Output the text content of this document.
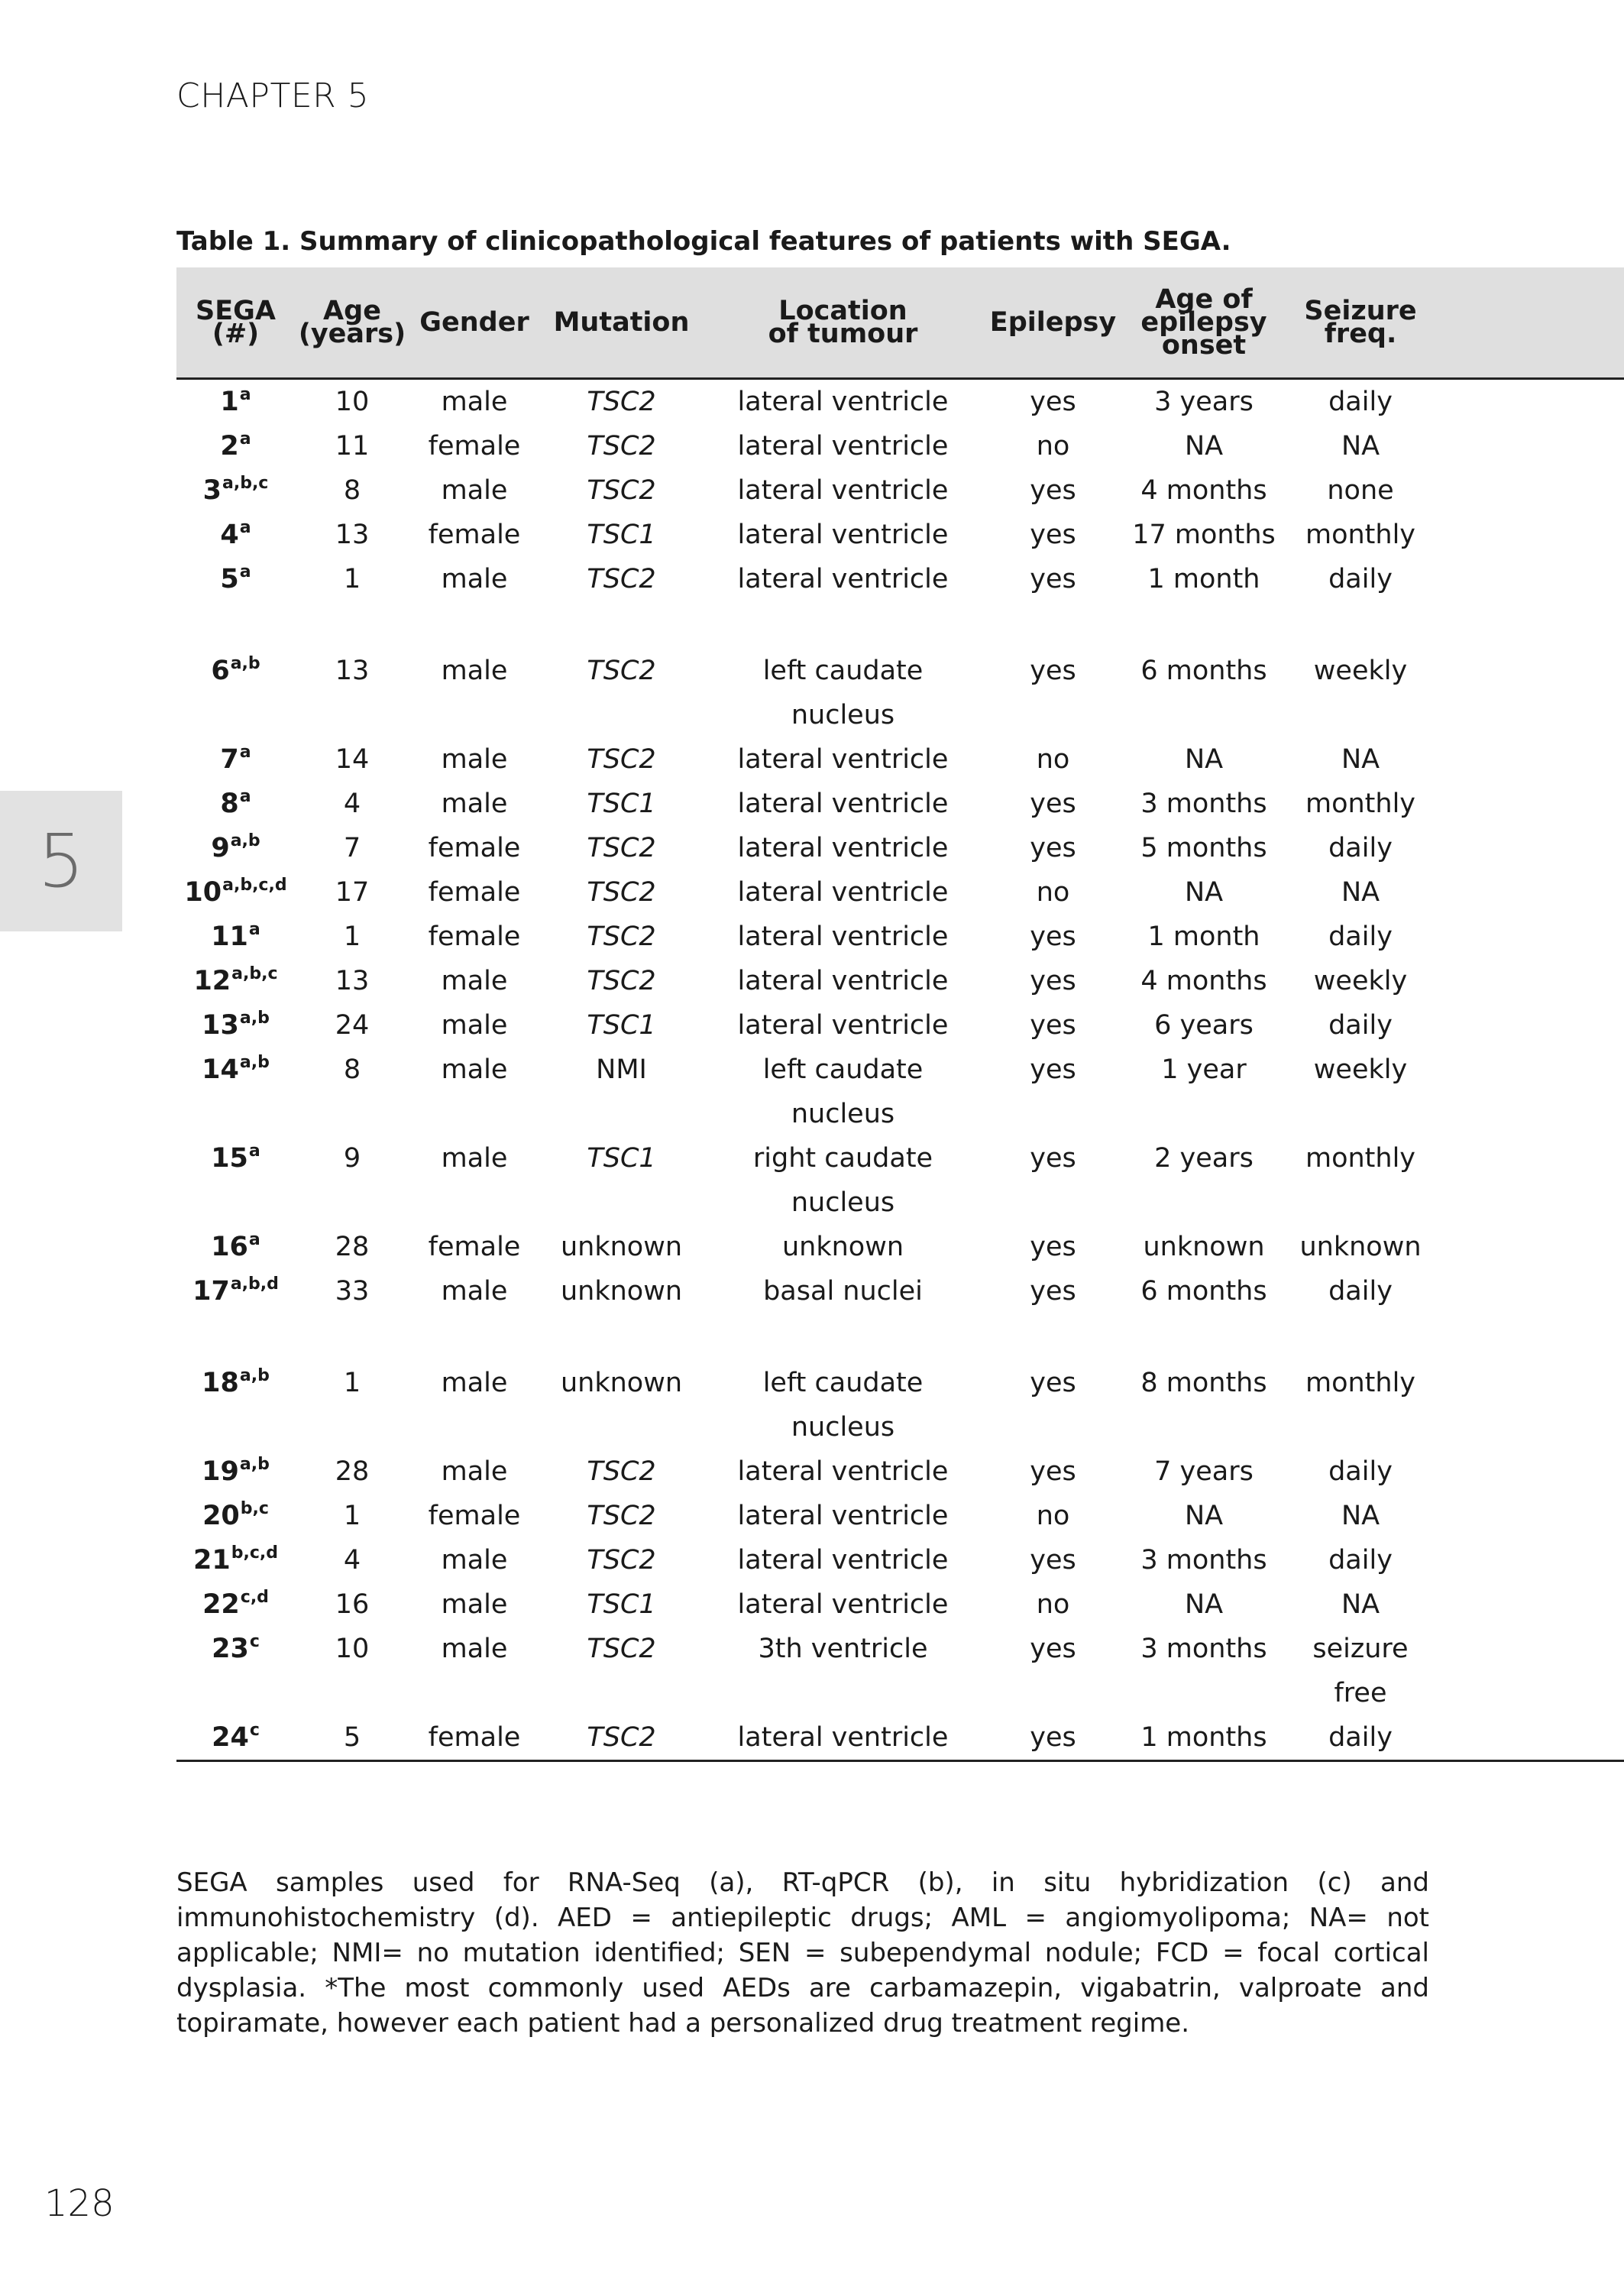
CHAPTER 5
5
Table 1. Summary of clinicopathological features of patients with SEGA.
SEGA
(#)	Age
(years)	Gender	Mutation	Location
of tumour	Epilepsy	Age of
epilepsy
onset	Seizure
freq.	

1$^a$	10	male	TSC2	lateral ventricle	yes	3 years	daily	
2$^a$	11	female	TSC2	lateral ventricle	no	NA	NA	
3$^{a,b,c}$	8	male	TSC2	lateral ventricle	yes	4 months	none	
4$^a$	13	female	TSC1	lateral ventricle	yes	17 months	monthly	
5$^a$	1	male	TSC2	lateral ventricle	yes	1 month	daily	
6$^{a,b}$	13	male	TSC2	left caudate
nucleus	yes	6 months	weekly	
7$^a$	14	male	TSC2	lateral ventricle	no	NA	NA	
8$^a$	4	male	TSC1	lateral ventricle	yes	3 months	monthly	
9$^{a,b}$	7	female	TSC2	lateral ventricle	yes	5 months	daily	
10$^{a,b,c,d}$	17	female	TSC2	lateral ventricle	no	NA	NA	
11$^a$	1	female	TSC2	lateral ventricle	yes	1 month	daily	
12$^{a,b,c}$	13	male	TSC2	lateral ventricle	yes	4 months	weekly	
13$^{a,b}$	24	male	TSC1	lateral ventricle	yes	6 years	daily	
14$^{a,b}$	8	male	NMI	left caudate
nucleus	yes	1 year	weekly	
15$^a$	9	male	TSC1	right caudate
nucleus	yes	2 years	monthly	
16$^a$	28	female	unknown	unknown	yes	unknown	unknown	
17$^{a,b,d}$	33	male	unknown	basal nuclei	yes	6 months	daily	
18$^{a,b}$	1	male	unknown	left caudate
nucleus	yes	8 months	monthly	
19$^{a,b}$	28	male	TSC2	lateral ventricle	yes	7 years	daily	
20$^{b,c}$	1	female	TSC2	lateral ventricle	no	NA	NA	
21$^{b,c,d}$	4	male	TSC2	lateral ventricle	yes	3 months	daily	
22$^{c,d}$	16	male	TSC1	lateral ventricle	no	NA	NA	
23$^c$	10	male	TSC2	3th ventricle	yes	3 months	seizure
free	

24$^c$	5	female	TSC2	lateral ventricle	yes	1 months	daily	
SEGA samples used for RNA-Seq (a), RT-qPCR (b), in situ hybridization (c) and immunohistochemistry (d). AED = antiepileptic drugs; AML = angiomyolipoma; NA= not applicable; NMI= no mutation identified; SEN = subependymal nodule; FCD = focal cortical dysplasia. *The most commonly used AEDs are carbamazepin, vigabatrin, valproate and topiramate, however each patient had a personalized drug treatment regime.
128
